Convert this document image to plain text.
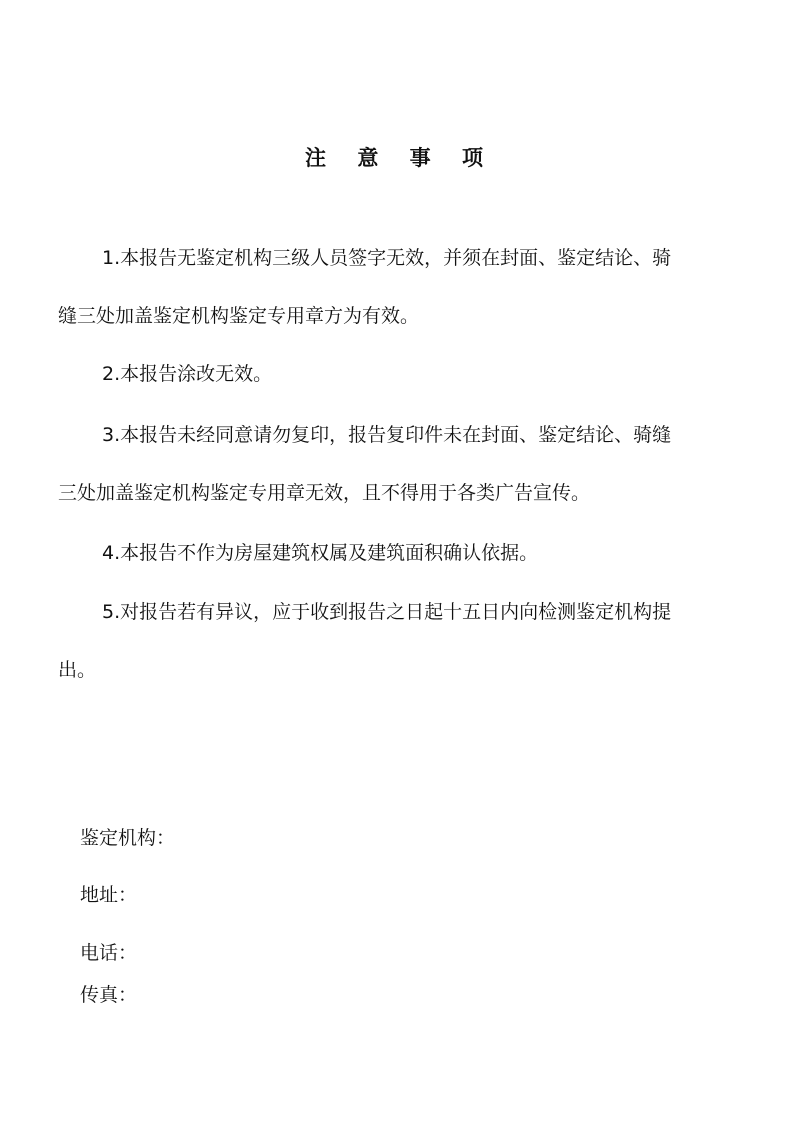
注 意 事 项
1.本报告无鉴定机构三级人员签字无效，并须在封面、鉴定结论、骑
缝三处加盖鉴定机构鉴定专用章方为有效。
2.本报告涂改无效。
3.本报告未经同意请勿复印，报告复印件未在封面、鉴定结论、骑缝
三处加盖鉴定机构鉴定专用章无效，且不得用于各类广告宣传。
4.本报告不作为房屋建筑权属及建筑面积确认依据。
5.对报告若有异议，应于收到报告之日起十五日内向检测鉴定机构提
出。
鉴定机构：
地址：
电话：
传真：
